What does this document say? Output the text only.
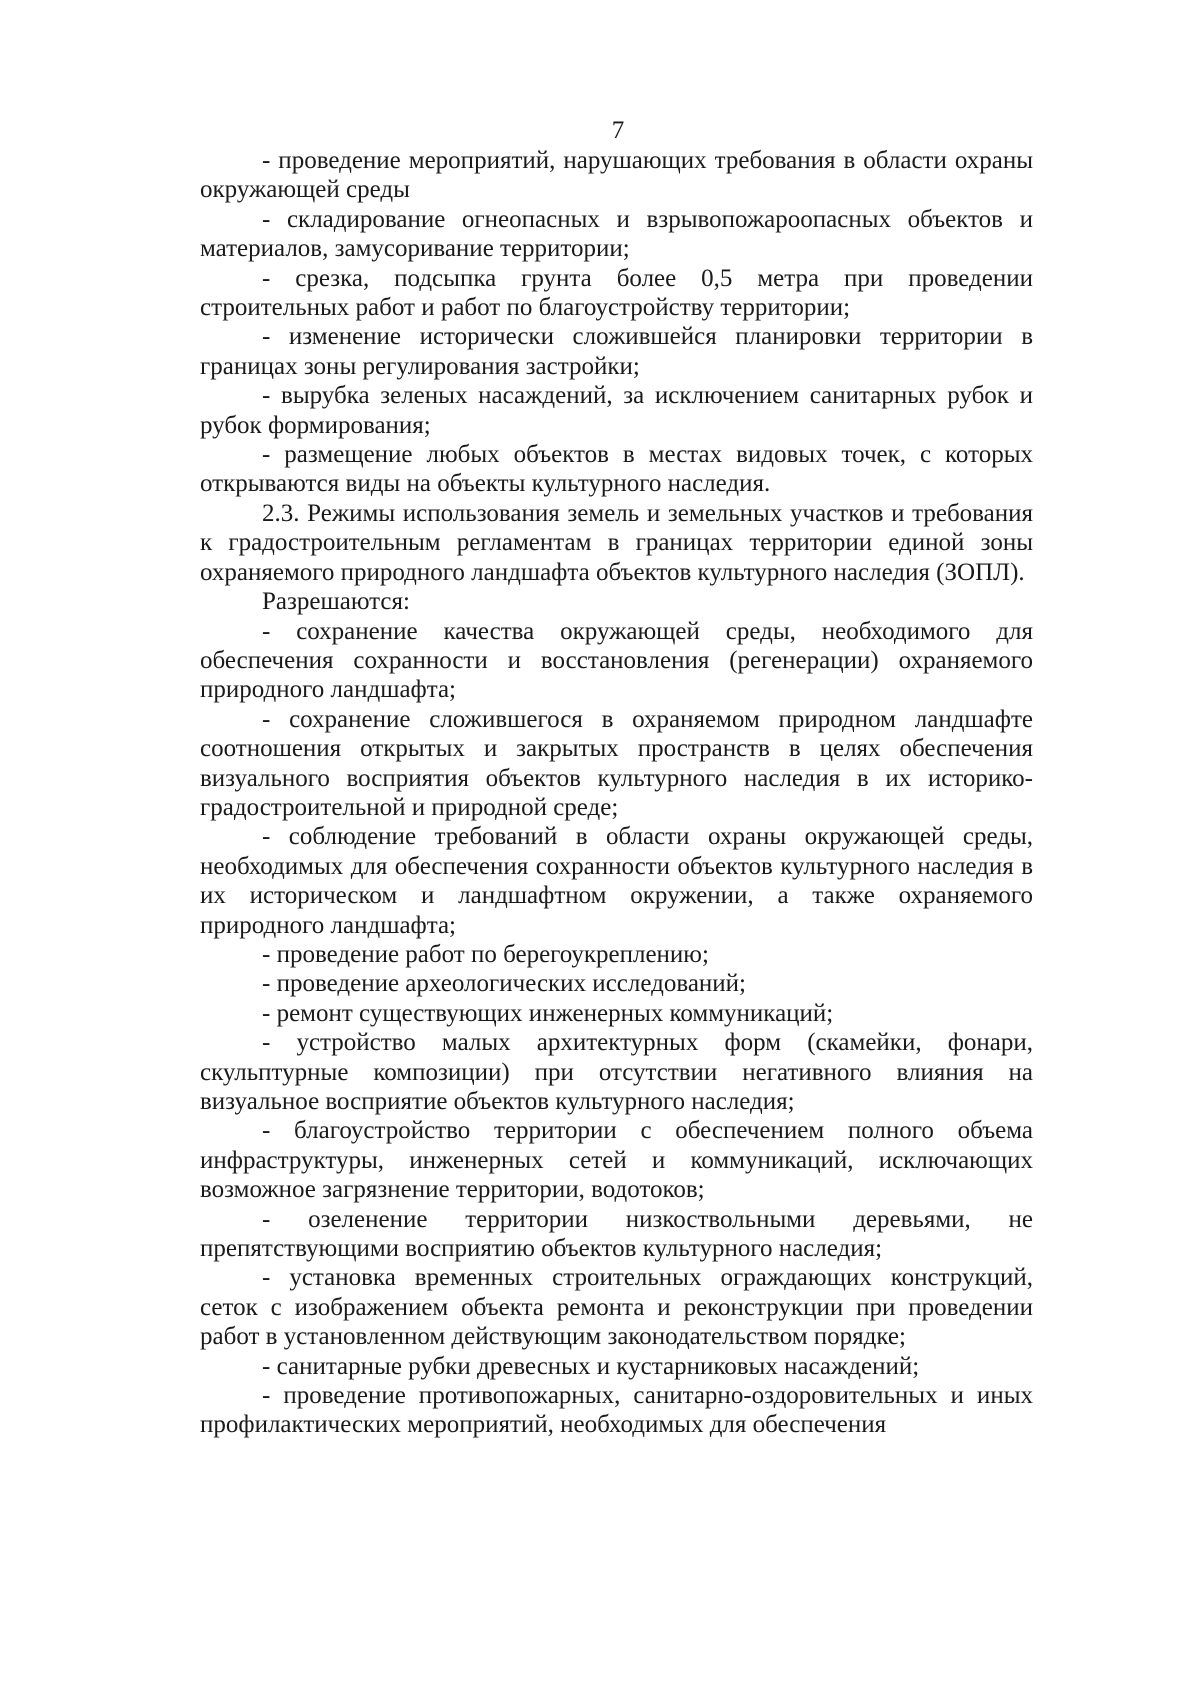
7

- проведение мероприятий, нарушающих требования в области охраны окружающей среды

- складирование огнеопасных и взрывопожароопасных объектов и материалов, замусоривание территории;

- срезка, подсыпка грунта более 0,5 метра при проведении строительных работ и работ по благоустройству территории;

- изменение исторически сложившейся планировки территории в границах зоны регулирования застройки;

- вырубка зеленых насаждений, за исключением санитарных рубок и рубок формирования;

- размещение любых объектов в местах видовых точек, с которых открываются виды на объекты культурного наследия.

2.3. Режимы использования земель и земельных участков и требования к градостроительным регламентам в границах территории единой зоны охраняемого природного ландшафта объектов культурного наследия (ЗОПЛ).

Разрешаются:

- сохранение качества окружающей среды, необходимого для обеспечения сохранности и восстановления (регенерации) охраняемого природного ландшафта;

- сохранение сложившегося в охраняемом природном ландшафте соотношения открытых и закрытых пространств в целях обеспечения визуального восприятия объектов культурного наследия в их историко-градостроительной и природной среде;

- соблюдение требований в области охраны окружающей среды, необходимых для обеспечения сохранности объектов культурного наследия в их историческом и ландшафтном окружении, а также охраняемого природного ландшафта;

- проведение работ по берегоукреплению;

- проведение археологических исследований;

- ремонт существующих инженерных коммуникаций;

- устройство малых архитектурных форм (скамейки, фонари, скульптурные композиции) при отсутствии негативного влияния на визуальное восприятие объектов культурного наследия;

- благоустройство территории с обеспечением полного объема инфраструктуры, инженерных сетей и коммуникаций, исключающих возможное загрязнение территории, водотоков;

- озеленение территории низкоствольными деревьями, не препятствующими восприятию объектов культурного наследия;

- установка временных строительных ограждающих конструкций, сеток с изображением объекта ремонта и реконструкции при проведении работ в установленном действующим законодательством порядке;

- санитарные рубки древесных и кустарниковых насаждений;

- проведение противопожарных, санитарно-оздоровительных и иных профилактических мероприятий, необходимых для обеспечения
